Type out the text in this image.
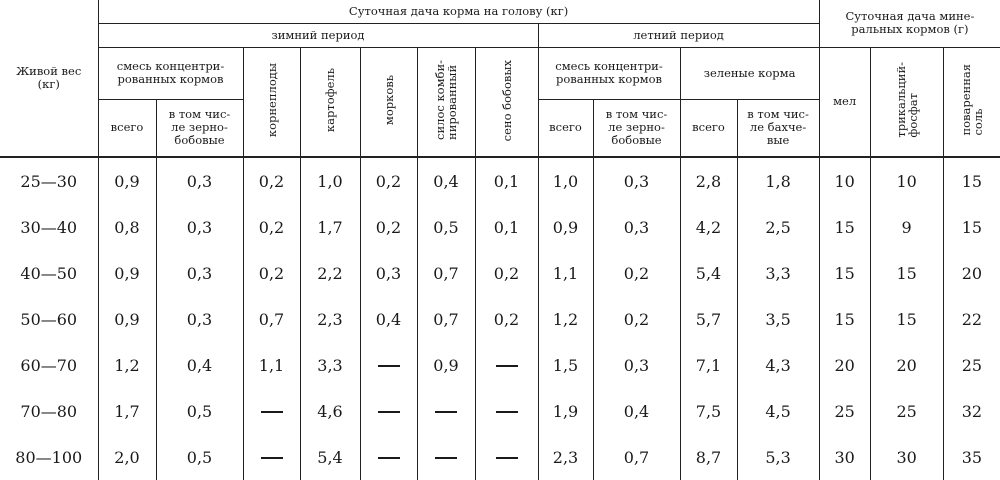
Живой вес
(кг)	Суточная дача корма на голову (кг)											Суточная дача мине-
ральных кормов (г)		
	зимний период							летний период						
	смесь концентри-
рованных кормов		корнеплоды	картофель	морковь	силос комби-
нированный	сено бобовых	смесь концентри-
рованных кормов		зеленые корма		мел	трикальций-
фосфат	поваренная
соль
	всего	в том чис-
ле зерно-
бобовые						всего	в том чис-
ле зерно-
бобовые	всего	в том чис-
ле бахче-
вые			
25—30	0,9	0,3	0,2	1,0	0,2	0,4	0,1	1,0	0,3	2,8	1,8	10	10	15
30—40	0,8	0,3	0,2	1,7	0,2	0,5	0,1	0,9	0,3	4,2	2,5	15	9	15
40—50	0,9	0,3	0,2	2,2	0,3	0,7	0,2	1,1	0,2	5,4	3,3	15	15	20
50—60	0,9	0,3	0,7	2,3	0,4	0,7	0,2	1,2	0,2	5,7	3,5	15	15	22
60—70	1,2	0,4	1,1	3,3		0,9		1,5	0,3	7,1	4,3	20	20	25
70—80	1,7	0,5		4,6				1,9	0,4	7,5	4,5	25	25	32
80—100	2,0	0,5		5,4				2,3	0,7	8,7	5,3	30	30	35
